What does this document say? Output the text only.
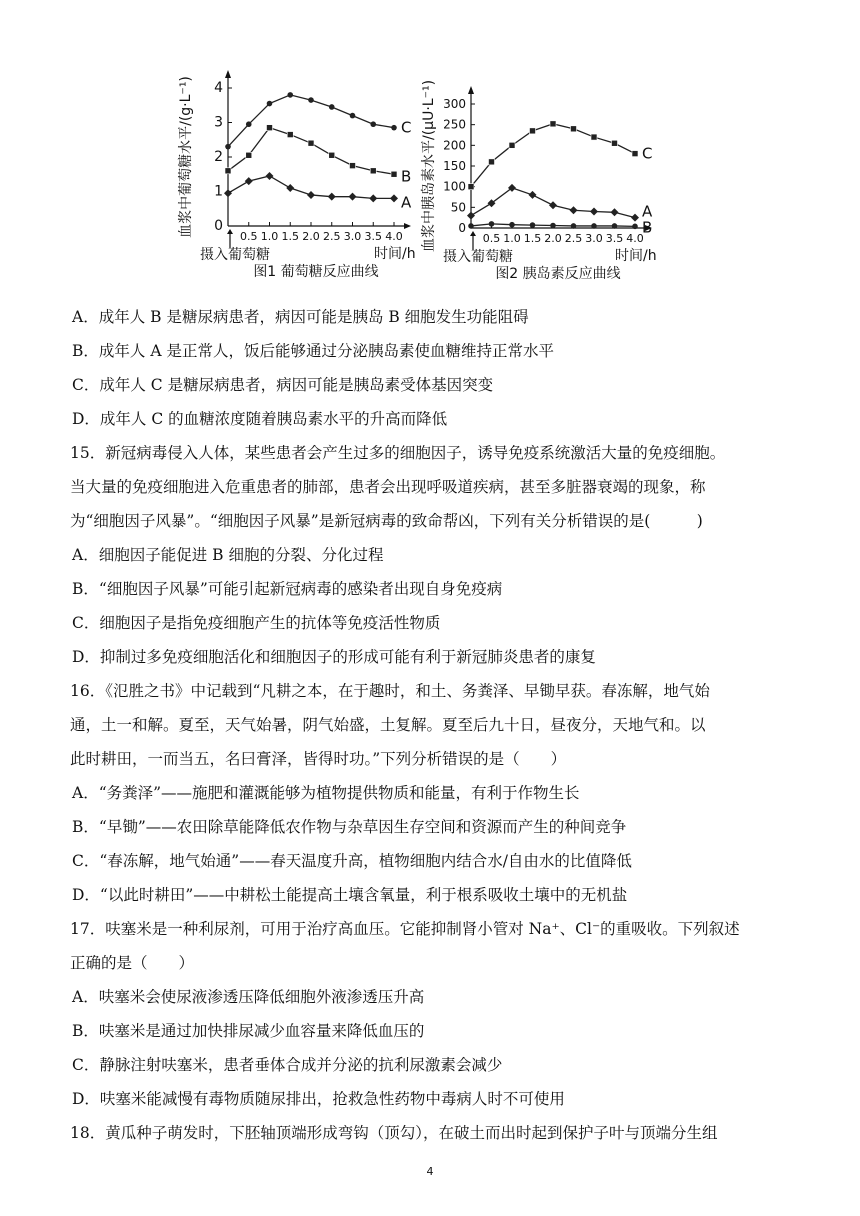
0
1
2
3
4
0.5 1.0 1.5 2.0 2.5 3.0 3.5 4.0
摄入葡萄糖	时间/h
血浆中葡萄糖水平/(g·L⁻¹)
图1 葡萄糖反应曲线
C
B
A
0
50
100
150
200
250
300
0.5 1.0 1.5 2.0 2.5 3.0 3.5 4.0
摄入葡萄糖	时间/h
血浆中胰岛素水平/(μU·L⁻¹)
图2 胰岛素反应曲线
C
A
B
A．成年人 B 是糖尿病患者，病因可能是胰岛 B 细胞发生功能阻碍
B．成年人 A 是正常人，饭后能够通过分泌胰岛素使血糖维持正常水平
C．成年人 C 是糖尿病患者，病因可能是胰岛素受体基因突变
D．成年人 C 的血糖浓度随着胰岛素水平的升高而降低
15．新冠病毒侵入人体，某些患者会产生过多的细胞因子，诱导免疫系统激活大量的免疫细胞。
当大量的免疫细胞进入危重患者的肺部，患者会出现呼吸道疾病，甚至多脏器衰竭的现象，称
为“细胞因子风暴”。“细胞因子风暴”是新冠病毒的致命帮凶，下列有关分析错误的是(　　　)
A．细胞因子能促进 B 细胞的分裂、分化过程
B．“细胞因子风暴”可能引起新冠病毒的感染者出现自身免疫病
C．细胞因子是指免疫细胞产生的抗体等免疫活性物质
D．抑制过多免疫细胞活化和细胞因子的形成可能有利于新冠肺炎患者的康复
16．《氾胜之书》中记载到“凡耕之本，在于趣时，和土、务粪泽、早锄早获。春冻解，地气始
通，土一和解。夏至，天气始暑，阴气始盛，土复解。夏至后九十日，昼夜分，天地气和。以
此时耕田，一而当五，名曰膏泽，皆得时功。”下列分析错误的是（　　）
A．“务粪泽”——施肥和灌溉能够为植物提供物质和能量，有利于作物生长
B．“早锄”——农田除草能降低农作物与杂草因生存空间和资源而产生的种间竞争
C．“春冻解，地气始通”——春天温度升高，植物细胞内结合水/自由水的比值降低
D．“以此时耕田”——中耕松土能提高土壤含氧量，利于根系吸收土壤中的无机盐
17．呋塞米是一种利尿剂，可用于治疗高血压。它能抑制肾小管对 Na⁺、Cl⁻的重吸收。下列叙述
正确的是（　　）
A．呋塞米会使尿液渗透压降低细胞外液渗透压升高
B．呋塞米是通过加快排尿减少血容量来降低血压的
C．静脉注射呋塞米，患者垂体合成并分泌的抗利尿激素会减少
D．呋塞米能减慢有毒物质随尿排出，抢救急性药物中毒病人时不可使用
18．黄瓜种子萌发时，下胚轴顶端形成弯钩（顶勾），在破土而出时起到保护子叶与顶端分生组
4
